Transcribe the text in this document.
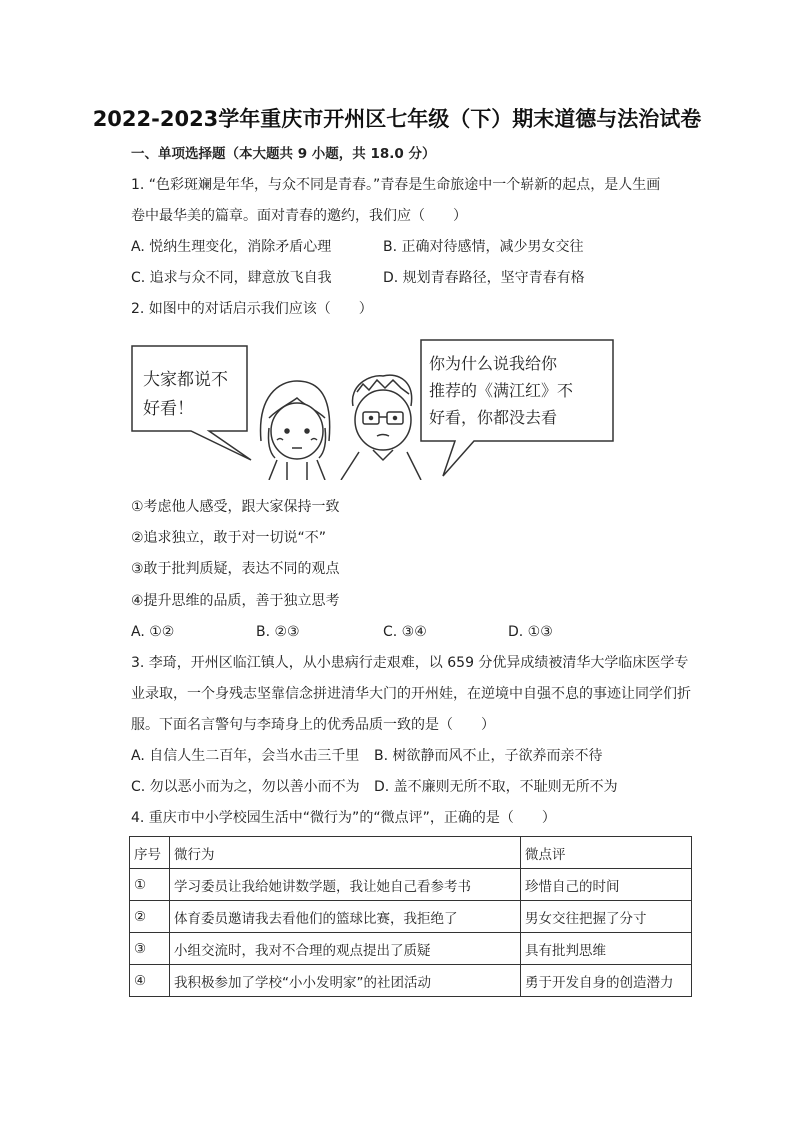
2022-2023学年重庆市开州区七年级（下）期末道德与法治试卷
一、单项选择题（本大题共 9 小题，共 18.0 分）
1. “色彩斑斓是年华，与众不同是青春。”青春是生命旅途中一个崭新的起点，是人生画
卷中最华美的篇章。面对青春的邀约，我们应（　　）
A. 悦纳生理变化，消除矛盾心理	B. 正确对待感情，减少男女交往
C. 追求与众不同，肆意放飞自我	D. 规划青春路径，坚守青春有格
2. 如图中的对话启示我们应该（　　）
大家都说不
好看！
你为什么说我给你
推荐的《满江红》不
好看，你都没去看
①考虑他人感受，跟大家保持一致
②追求独立，敢于对一切说“不”
③敢于批判质疑，表达不同的观点
④提升思维的品质，善于独立思考
A. ①②	B. ②③	C. ③④	D. ①③
3. 李琦，开州区临江镇人，从小患病行走艰难，以 659 分优异成绩被清华大学临床医学专
业录取，一个身残志坚靠信念拼进清华大门的开州娃，在逆境中自强不息的事迹让同学们折
服。下面名言警句与李琦身上的优秀品质一致的是（　　）
A. 自信人生二百年，会当水击三千里 B. 树欲静而风不止，子欲养而亲不待
C. 勿以恶小而为之，勿以善小而不为 D. 盖不廉则无所不取，不耻则无所不为
4. 重庆市中小学校园生活中“微行为”的“微点评”，正确的是（　　）
序号	微行为	微点评
①	学习委员让我给她讲数学题，我让她自己看参考书	珍惜自己的时间
②	体育委员邀请我去看他们的篮球比赛，我拒绝了	男女交往把握了分寸
③	小组交流时，我对不合理的观点提出了质疑	具有批判思维
④	我积极参加了学校“小小发明家”的社团活动	勇于开发自身的创造潜力
